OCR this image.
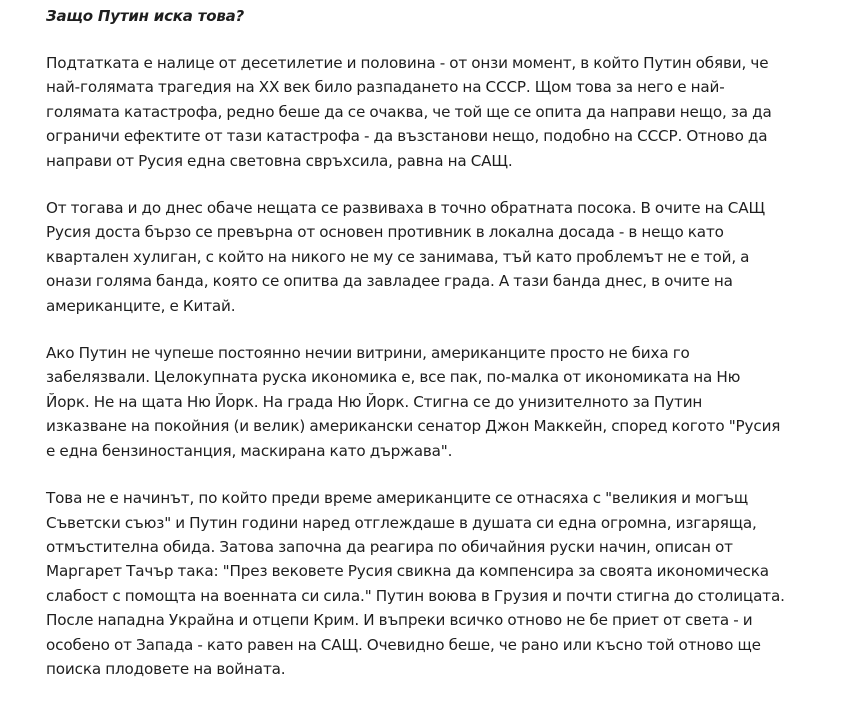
Защо Путин иска това?

Подтатката е налице от десетилетие и половина - от онзи момент, в който Путин обяви, че най-голямата трагедия на XX век било разпадането на СССР. Щом това за него е най-голямата катастрофа, редно беше да се очаква, че той ще се опита да направи нещо, за да ограничи ефектите от тази катастрофа - да възстанови нещо, подобно на СССР. Отново да направи от Русия една световна свръхсила, равна на САЩ.

От тогава и до днес обаче нещата се развиваха в точно обратната посока. В очите на САЩ Русия доста бързо се превърна от основен противник в локална досада - в нещо като квартален хулиган, с който на никого не му се занимава, тъй като проблемът не е той, а онази голяма банда, която се опитва да завладее града. А тази банда днес, в очите на американците, е Китай.

Ако Путин не чупеше постоянно нечии витрини, американците просто не биха го забелязвали. Целокупната руска икономика е, все пак, по-малка от икономиката на Ню Йорк. Не на щата Ню Йорк. На града Ню Йорк. Стигна се до унизителното за Путин изказване на покойния (и велик) американски сенатор Джон Маккейн, според когото "Русия е една бензиностанция, маскирана като държава".

Това не е начинът, по който преди време американците се отнасяха с "великия и могъщ Съветски съюз" и Путин години наред отглеждаше в душата си една огромна, изгаряща, отмъстителна обида. Затова започна да реагира по обичайния руски начин, описан от Маргарет Тачър така: "През вековете Русия свикна да компенсира за своята икономическа слабост с помощта на военната си сила." Путин воюва в Грузия и почти стигна до столицата. После нападна Украйна и отцепи Крим. И въпреки всичко отново не бе приет от света - и особено от Запада - като равен на САЩ. Очевидно беше, че рано или късно той отново ще поиска плодовете на войната.
